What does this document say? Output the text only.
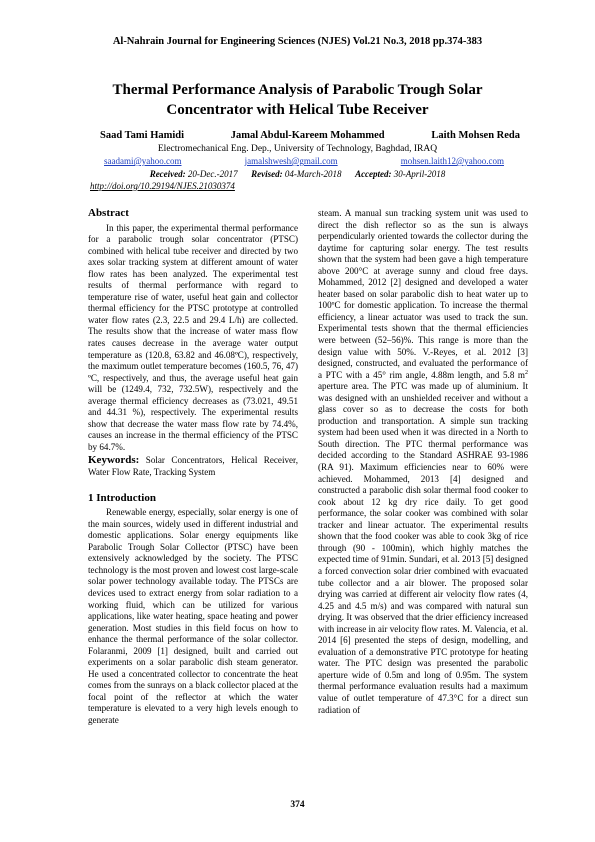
Al-Nahrain Journal for Engineering Sciences (NJES) Vol.21 No.3, 2018 pp.374-383
Thermal Performance Analysis of Parabolic Trough Solar
Concentrator with Helical Tube Receiver
Saad Tami Hamidi	Jamal Abdul-Kareem Mohammed	Laith Mohsen Reda
Electromechanical Eng. Dep., University of Technology, Baghdad, IRAQ
saadami@yahoo.com	jamalshwesh@gmail.com	mohsen.laith12@yahoo.com
Received: 20-Dec.-2017 Revised: 04-March-2018 Accepted: 30-April-2018
http://doi.org/10.29194/NJES.21030374
Abstract

In this paper, the experimental thermal performance for a parabolic trough solar concentrator (PTSC) combined with helical tube receiver and directed by two axes solar tracking system at different amount of water flow rates has been analyzed. The experimental test results of thermal performance with regard to temperature rise of water, useful heat gain and collector thermal efficiency for the PTSC prototype at controlled water flow rates (2.3, 22.5 and 29.4 L/h) are collected. The results show that the increase of water mass flow rates causes decrease in the average water output temperature as (120.8, 63.82 and 46.08ºC), respectively, the maximum outlet temperature becomes (160.5, 76, 47) ºC, respectively, and thus, the average useful heat gain will be (1249.4, 732, 732.5W), respectively and the average thermal efficiency decreases as (73.021, 49.51 and 44.31 %), respectively. The experimental results show that decrease the water mass flow rate by 74.4%, causes an increase in the thermal efficiency of the PTSC by 64.7%.

Keywords: Solar Concentrators, Helical Receiver, Water Flow Rate, Tracking System

1 Introduction

Renewable energy, especially, solar energy is one of the main sources, widely used in different industrial and domestic applications. Solar energy equipments like Parabolic Trough Solar Collector (PTSC) have been extensively acknowledged by the society. The PTSC technology is the most proven and lowest cost large-scale solar power technology available today. The PTSCs are devices used to extract energy from solar radiation to a working fluid, which can be utilized for various applications, like water heating, space heating and power generation. Most studies in this field focus on how to enhance the thermal performance of the solar collector. Folaranmi, 2009 [1] designed, built and carried out experiments on a solar parabolic dish steam generator. He used a concentrated collector to concentrate the heat comes from the sunrays on a black collector placed at the focal point of the reflector at which the water temperature is elevated to a very high levels enough to generate

steam. A manual sun tracking system unit was used to direct the dish reflector so as the sun is always perpendicularly oriented towards the collector during the daytime for capturing solar energy. The test results shown that the system had been gave a high temperature above 200°C at average sunny and cloud free days. Mohammed, 2012 [2] designed and developed a water heater based on solar parabolic dish to heat water up to 100ºC for domestic application. To increase the thermal efficiency, a linear actuator was used to track the sun. Experimental tests shown that the thermal efficiencies were between (52–56)%. This range is more than the design value with 50%. V.-Reyes, et al. 2012 [3] designed, constructed, and evaluated the performance of a PTC with a 45° rim angle, 4.88m length, and 5.8 $m^2$ aperture area. The PTC was made up of aluminium. It was designed with an unshielded receiver and without a glass cover so as to decrease the costs for both production and transportation. A simple sun tracking system had been used when it was directed in a North to South direction. The PTC thermal performance was decided according to the Standard ASHRAE 93-1986 (RA 91). Maximum efficiencies near to 60% were achieved. Mohammed, 2013 [4] designed and constructed a parabolic dish solar thermal food cooker to cook about 12 kg dry rice daily. To get good performance, the solar cooker was combined with solar tracker and linear actuator. The experimental results shown that the food cooker was able to cook 3kg of rice through (90 - 100min), which highly matches the expected time of 91min. Sundari, et al. 2013 [5] designed a forced convection solar drier combined with evacuated tube collector and a air blower. The proposed solar drying was carried at different air velocity flow rates (4, 4.25 and 4.5 m/s) and was compared with natural sun drying. It was observed that the drier efficiency increased with increase in air velocity flow rates. M. Valencia, et al. 2014 [6] presented the steps of design, modelling, and evaluation of a demonstrative PTC prototype for heating water. The PTC design was presented the parabolic aperture wide of 0.5m and long of 0.95m. The system thermal performance evaluation results had a maximum value of outlet temperature of 47.3°C for a direct sun radiation of

374
